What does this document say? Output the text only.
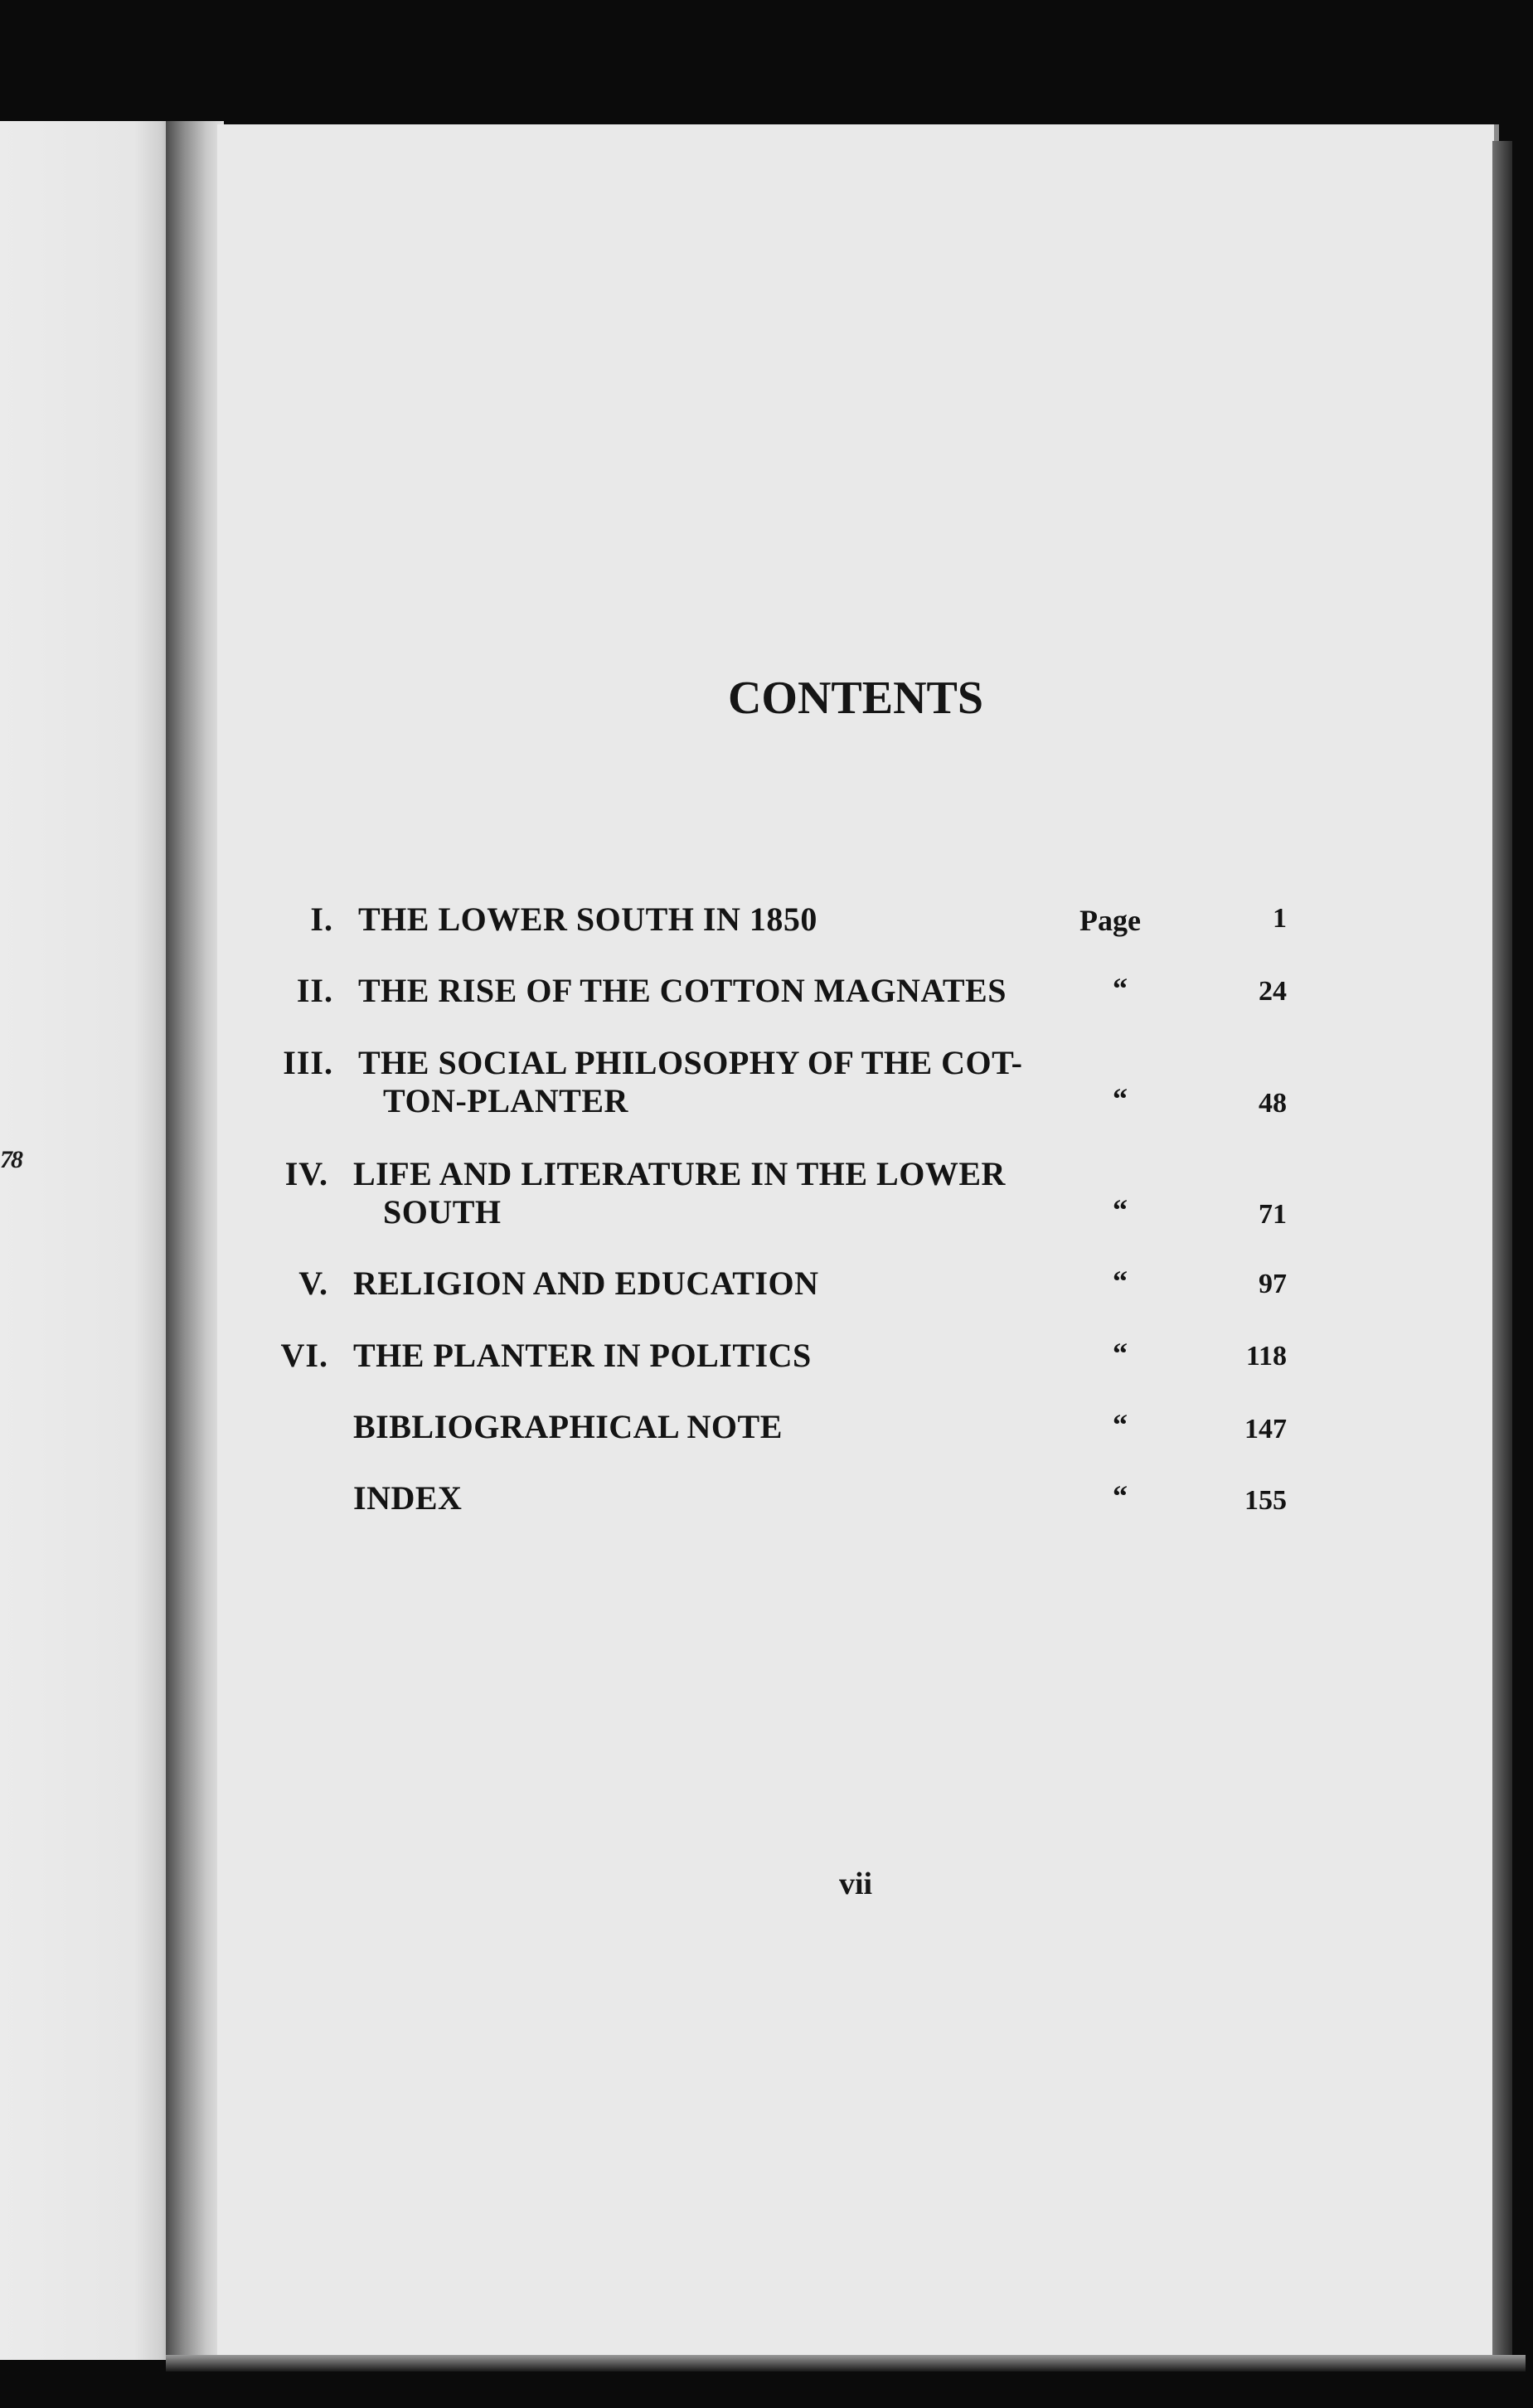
78
CONTENTS
I. THE LOWER SOUTH IN 1850	Page	1
II. THE RISE OF THE COTTON MAGNATES	“	24
III. THE SOCIAL PHILOSOPHY OF THE COT-
TON-PLANTER	“	48
IV. LIFE AND LITERATURE IN THE LOWER
SOUTH	“	71
V. RELIGION AND EDUCATION	“	97
VI. THE PLANTER IN POLITICS	“	118
BIBLIOGRAPHICAL NOTE	“	147
INDEX	“	155
vii
